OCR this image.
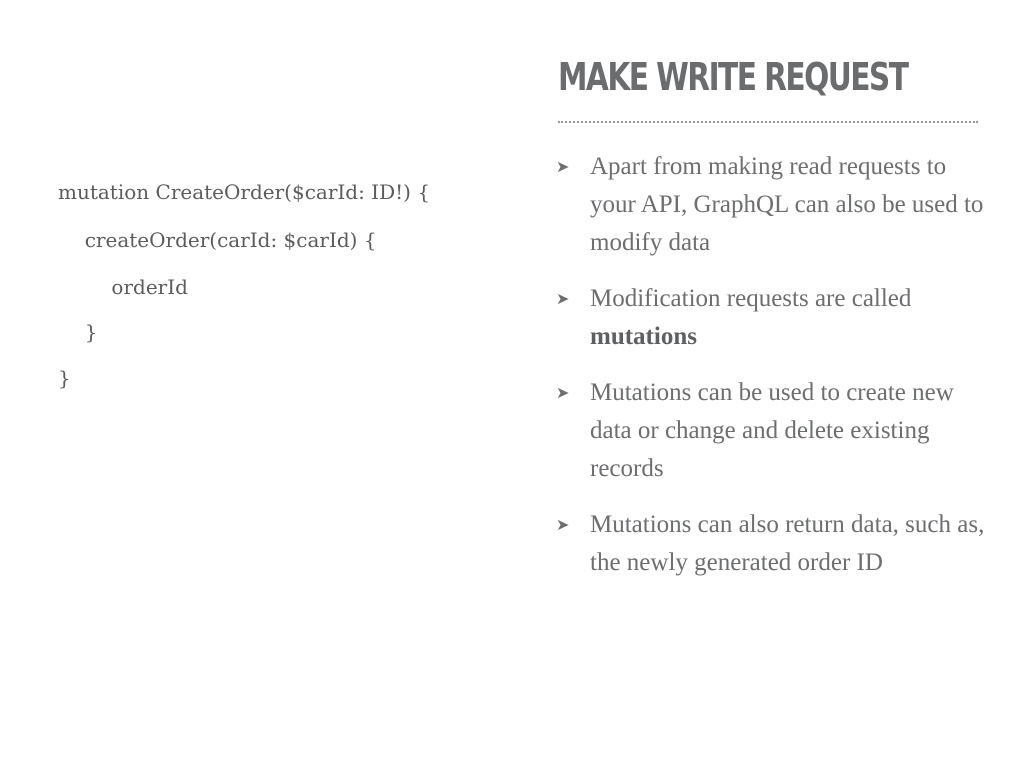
mutation CreateOrder($carId: ID!) {

createOrder(carId: $carId) {

orderId

}

}

MAKE WRITE REQUEST
➤ Apart from making read requests to your API, GraphQL can also be used to modify data
➤ Modification requests are called mutations
➤ Mutations can be used to create new data or change and delete existing records
➤ Mutations can also return data, such as, the newly generated order ID
